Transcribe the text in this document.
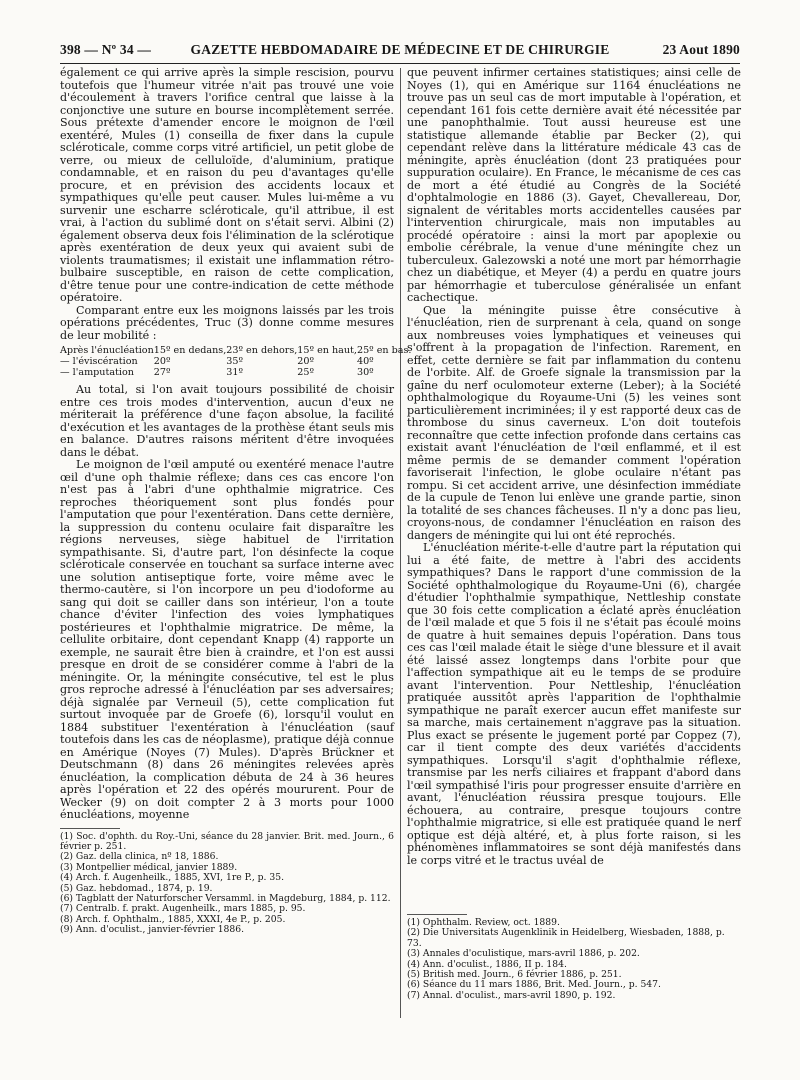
398 — Nº 34 —	GAZETTE HEBDOMADAIRE DE MÉDECINE ET DE CHIRURGIE	23 Aout 1890

également ce qui arrive après la simple rescision, pourvu toutefois que l'humeur vitrée n'ait pas trouvé une voie d'écoulement à travers l'orifice central que laisse à la conjonctive une suture en bourse incomplètement serrée. Sous prétexte d'amender encore le moignon de l'œil exentéré, Mules (1) conseilla de fixer dans la cupule scléroticale, comme corps vitré artificiel, un petit globe de verre, ou mieux de celluloïde, d'aluminium, pratique condamnable, et en raison du peu d'avantages qu'elle procure, et en prévision des accidents locaux et sympathiques qu'elle peut causer. Mules lui-même a vu survenir une escharre scléroticale, qu'il attribue, il est vrai, à l'action du sublimé dont on s'était servi. Albini (2) également observa deux fois l'élimination de la sclérotique après exentération de deux yeux qui avaient subi de violents traumatismes; il existait une inflammation rétro-bulbaire susceptible, en raison de cette complication, d'être tenue pour une contre-indication de cette méthode opératoire.

Comparant entre eux les moignons laissés par les trois opérations précédentes, Truc (3) donne comme mesures de leur mobilité :

Après l'énucléation	15º en dedans,	23º en dehors,	15º en haut,	25º en bas.
— l'éviscération	20º	35º	20º	40º
— l'amputation	27º	31º	25º	30º

Au total, si l'on avait toujours possibilité de choisir entre ces trois modes d'intervention, aucun d'eux ne mériterait la préférence d'une façon absolue, la facilité d'exécution et les avantages de la prothèse étant seuls mis en balance. D'autres raisons méritent d'être invoquées dans le débat.

Le moignon de l'œil amputé ou exentéré menace l'autre œil d'une oph thalmie réflexe; dans ces cas encore l'on n'est pas à l'abri d'une ophthalmie migratrice. Ces reproches théoriquement sont plus fondés pour l'amputation que pour l'exentération. Dans cette dernière, la suppression du contenu oculaire fait disparaître les régions nerveuses, siège habituel de l'irritation sympathisante. Si, d'autre part, l'on désinfecte la coque scléroticale conservée en touchant sa surface interne avec une solution antiseptique forte, voire même avec le thermo-cautère, si l'on incorpore un peu d'iodoforme au sang qui doit se cailler dans son intérieur, l'on a toute chance d'éviter l'infection des voies lymphatiques postérieures et l'ophthalmie migratrice. De même, la cellulite orbitaire, dont cependant Knapp (4) rapporte un exemple, ne saurait être bien à craindre, et l'on est aussi presque en droit de se considérer comme à l'abri de la méningite. Or, la méningite consécutive, tel est le plus gros reproche adressé à l'énucléation par ses adversaires; déjà signalée par Verneuil (5), cette complication fut surtout invoquée par de Groefe (6), lorsqu'il voulut en 1884 substituer l'exentération à l'énucléation (sauf toutefois dans les cas de néoplasme), pratique déjà connue en Amérique (Noyes (7) Mules). D'après Brückner et Deutschmann (8) dans 26 méningites relevées après énucléation, la complication débuta de 24 à 36 heures après l'opération et 22 des opérés moururent. Pour de Wecker (9) on doit compter 2 à 3 morts pour 1000 énucléations, moyenne

(1) Soc. d'ophth. du Roy.-Uni, séance du 28 janvier. Brit. med. Journ., 6 février p. 251.
(2) Gaz. della clinica, nº 18, 1886.
(3) Montpellier médical, janvier 1889.
(4) Arch. f. Augenheilk., 1885, XVI, 1re P., p. 35.
(5) Gaz. hebdomad., 1874, p. 19.
(6) Tagblatt der Naturforscher Versamml. in Magdeburg, 1884, p. 112.
(7) Centralb. f. prakt. Augenheilk., mars 1885, p. 95.
(8) Arch. f. Ophthalm., 1885, XXXI, 4e P., p. 205.
(9) Ann. d'oculist., janvier-février 1886.

que peuvent infirmer certaines statistiques; ainsi celle de Noyes (1), qui en Amérique sur 1164 énucléations ne trouve pas un seul cas de mort imputable à l'opération, et cependant 161 fois cette dernière avait été nécessitée par une panophthalmie. Tout aussi heureuse est une statistique allemande établie par Becker (2), qui cependant relève dans la littérature médicale 43 cas de méningite, après énucléation (dont 23 pratiquées pour suppuration oculaire). En France, le mécanisme de ces cas de mort a été étudié au Congrès de la Société d'ophtalmologie en 1886 (3). Gayet, Chevallereau, Dor, signalent de véritables morts accidentelles causées par l'intervention chirurgicale, mais non imputables au procédé opératoire : ainsi la mort par apoplexie ou embolie cérébrale, la venue d'une méningite chez un tuberculeux. Galezowski a noté une mort par hémorrhagie chez un diabétique, et Meyer (4) a perdu en quatre jours par hémorrhagie et tuberculose généralisée un enfant cachectique.

Que la méningite puisse être consécutive à l'énucléation, rien de surprenant à cela, quand on songe aux nombreuses voies lymphatiques et veineuses qui s'offrent à la propagation de l'infection. Rarement, en effet, cette dernière se fait par inflammation du contenu de l'orbite. Alf. de Groefe signale la transmission par la gaîne du nerf oculomoteur externe (Leber); à la Société ophthalmologique du Royaume-Uni (5) les veines sont particulièrement incriminées; il y est rapporté deux cas de thrombose du sinus caverneux. L'on doit toutefois reconnaître que cette infection profonde dans certains cas existait avant l'énucléation de l'œil enflammé, et il est même permis de se demander comment l'opération favoriserait l'infection, le globe oculaire n'étant pas rompu. Si cet accident arrive, une désinfection immédiate de la cupule de Tenon lui enlève une grande partie, sinon la totalité de ses chances fâcheuses. Il n'y a donc pas lieu, croyons-nous, de condamner l'énucléation en raison des dangers de méningite qui lui ont été reprochés.

L'énucléation mérite-t-elle d'autre part la réputation qui lui a été faite, de mettre à l'abri des accidents sympathiques? Dans le rapport d'une commission de la Société ophthalmologique du Royaume-Uni (6), chargée d'étudier l'ophthalmie sympathique, Nettleship constate que 30 fois cette complication a éclaté après énucléation de l'œil malade et que 5 fois il ne s'était pas écoulé moins de quatre à huit semaines depuis l'opération. Dans tous ces cas l'œil malade était le siège d'une blessure et il avait été laissé assez longtemps dans l'orbite pour que l'affection sympathique ait eu le temps de se produire avant l'intervention. Pour Nettleship, l'énucléation pratiquée aussitôt après l'apparition de l'ophthalmie sympathique ne paraît exercer aucun effet manifeste sur sa marche, mais certainement n'aggrave pas la situation. Plus exact se présente le jugement porté par Coppez (7), car il tient compte des deux variétés d'accidents sympathiques. Lorsqu'il s'agit d'ophthalmie réflexe, transmise par les nerfs ciliaires et frappant d'abord dans l'œil sympathisé l'iris pour progresser ensuite d'arrière en avant, l'énucléation réussira presque toujours. Elle échouera, au contraire, presque toujours contre l'ophthalmie migratrice, si elle est pratiquée quand le nerf optique est déjà altéré, et, à plus forte raison, si les phénomènes inflammatoires se sont déjà manifestés dans le corps vitré et le tractus uvéal de

(1) Ophthalm. Review, oct. 1889.
(2) Die Universitats Augenklinik in Heidelberg, Wiesbaden, 1888, p. 73.
(3) Annales d'oculistique, mars-avril 1886, p. 202.
(4) Ann. d'oculist., 1886, II p. 184.
(5) British med. Journ., 6 février 1886, p. 251.
(6) Séance du 11 mars 1886, Brit. Med. Journ., p. 547.
(7) Annal. d'oculist., mars-avril 1890, p. 192.
